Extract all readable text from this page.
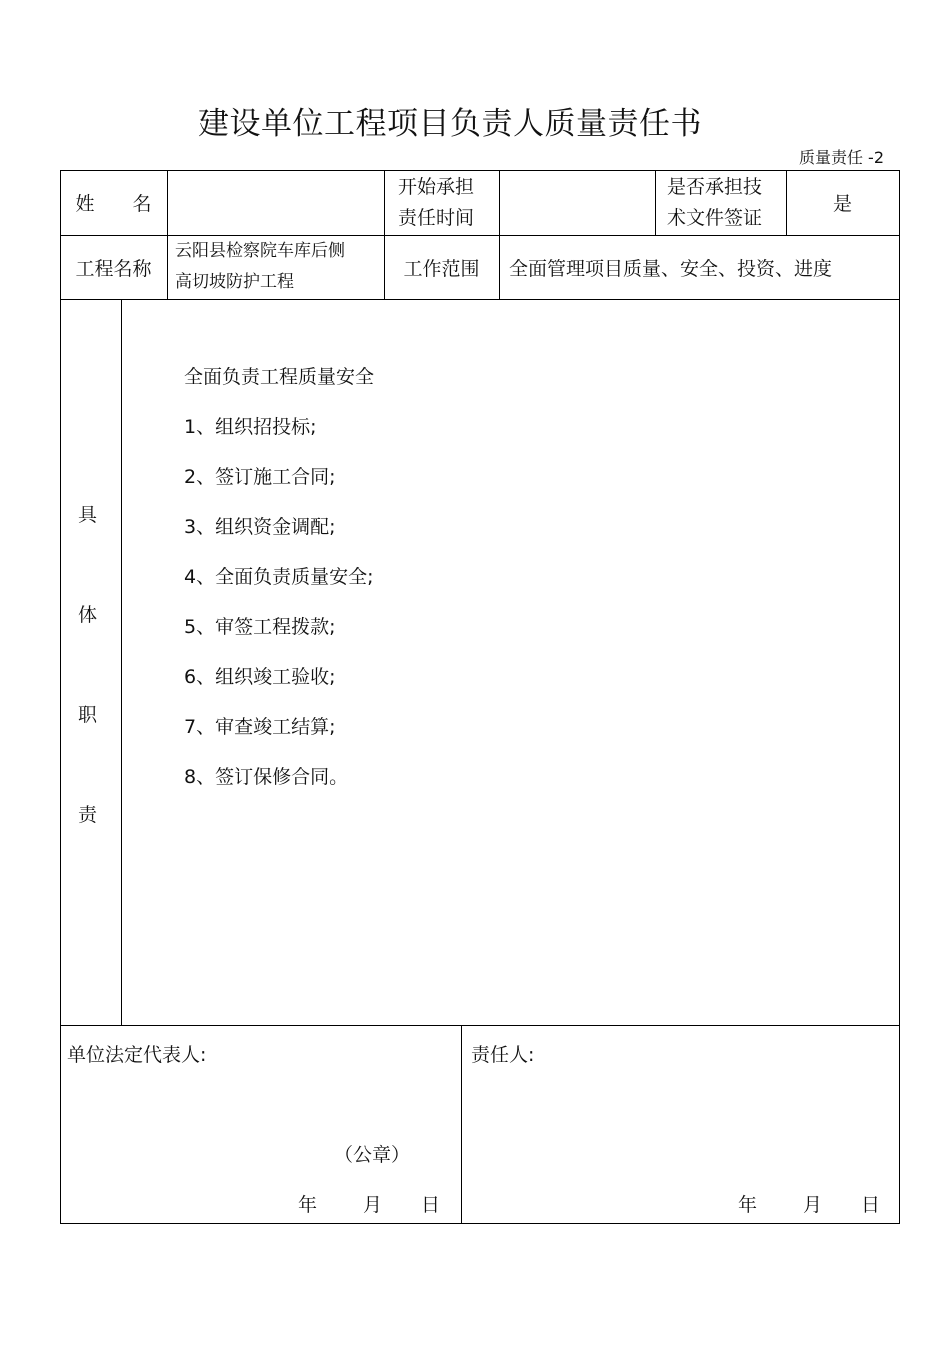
建设单位工程项目负责人质量责任书
质量责任 -2
姓　　名
开始承担
责任时间
是否承担技
术文件签证
是
工程名称
云阳县检察院车库后侧
高切坡防护工程
工作范围 全面管理项目质量、安全、投资、进度
具
体
职
责
全面负责工程质量安全
1、组织招投标;
2、签订施工合同;
3、组织资金调配;
4、全面负责质量安全;
5、审签工程拨款;
6、组织竣工验收;
7、审查竣工结算;
8、签订保修合同。
单位法定代表人:
（公章）
年 月 日
责任人:
年 月 日
